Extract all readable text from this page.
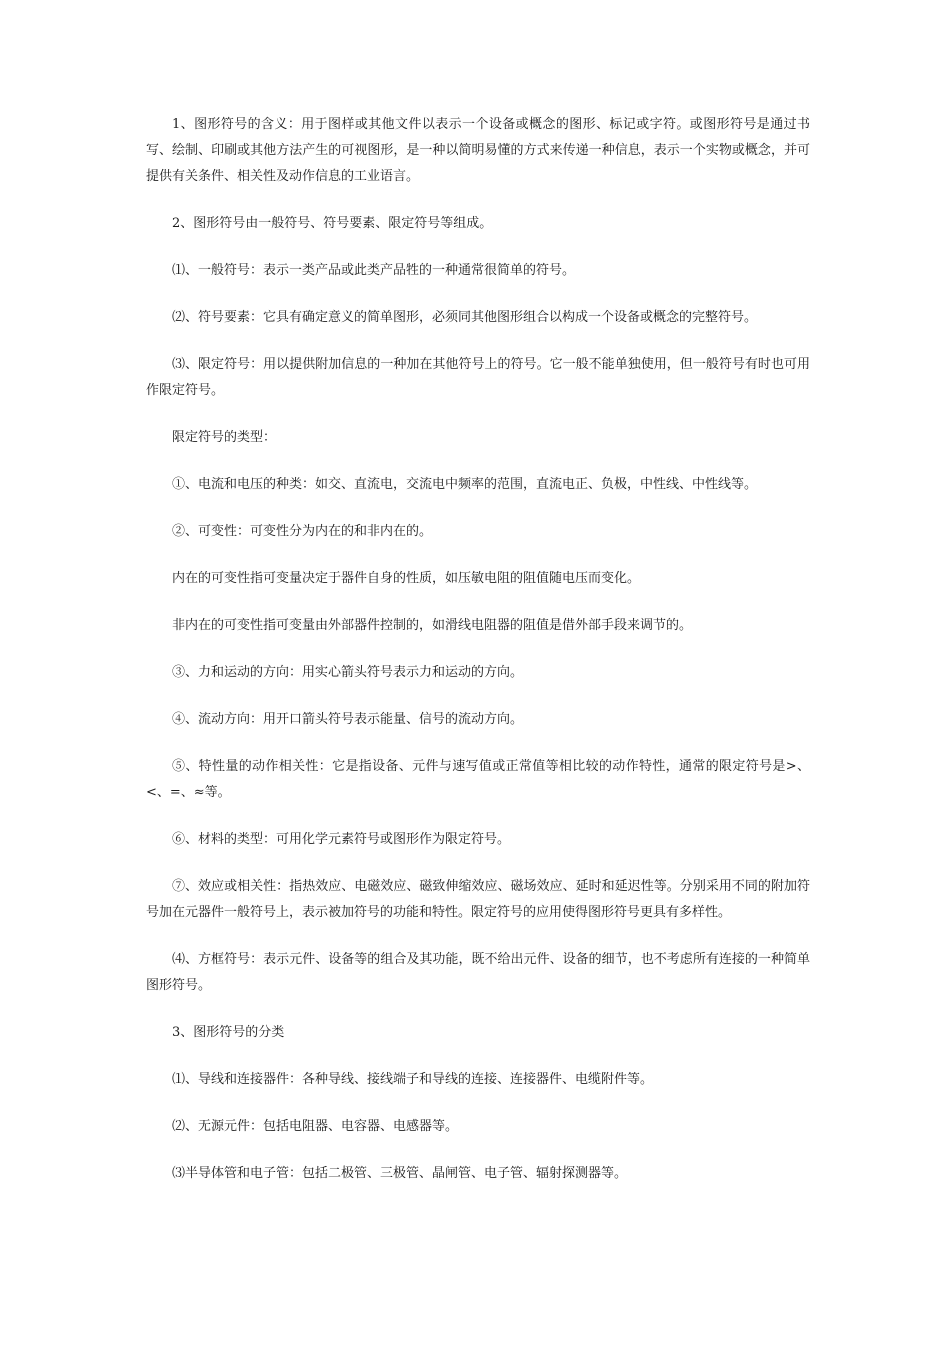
1、图形符号的含义：用于图样或其他文件以表示一个设备或概念的图形、标记或字符。或图形符号是通过书写、绘制、印刷或其他方法产生的可视图形，是一种以简明易懂的方式来传递一种信息，表示一个实物或概念，并可提供有关条件、相关性及动作信息的工业语言。

2、图形符号由一般符号、符号要素、限定符号等组成。

⑴、一般符号：表示一类产品或此类产品牲的一种通常很简单的符号。

⑵、符号要素：它具有确定意义的简单图形，必须同其他图形组合以构成一个设备或概念的完整符号。

⑶、限定符号：用以提供附加信息的一种加在其他符号上的符号。它一般不能单独使用，但一般符号有时也可用作限定符号。

限定符号的类型：

①、电流和电压的种类：如交、直流电，交流电中频率的范围，直流电正、负极，中性线、中性线等。

②、可变性：可变性分为内在的和非内在的。

内在的可变性指可变量决定于器件自身的性质，如压敏电阻的阻值随电压而变化。

非内在的可变性指可变量由外部器件控制的，如滑线电阻器的阻值是借外部手段来调节的。

③、力和运动的方向：用实心箭头符号表示力和运动的方向。

④、流动方向：用开口箭头符号表示能量、信号的流动方向。

⑤、特性量的动作相关性：它是指设备、元件与速写值或正常值等相比较的动作特性，通常的限定符号是>、<、=、≈等。

⑥、材料的类型：可用化学元素符号或图形作为限定符号。

⑦、效应或相关性：指热效应、电磁效应、磁致伸缩效应、磁场效应、延时和延迟性等。分别采用不同的附加符号加在元器件一般符号上，表示被加符号的功能和特性。限定符号的应用使得图形符号更具有多样性。

⑷、方框符号：表示元件、设备等的组合及其功能，既不给出元件、设备的细节，也不考虑所有连接的一种简单图形符号。

3、图形符号的分类

⑴、导线和连接器件：各种导线、接线端子和导线的连接、连接器件、电缆附件等。

⑵、无源元件：包括电阻器、电容器、电感器等。

⑶半导体管和电子管：包括二极管、三极管、晶闸管、电子管、辐射探测器等。
